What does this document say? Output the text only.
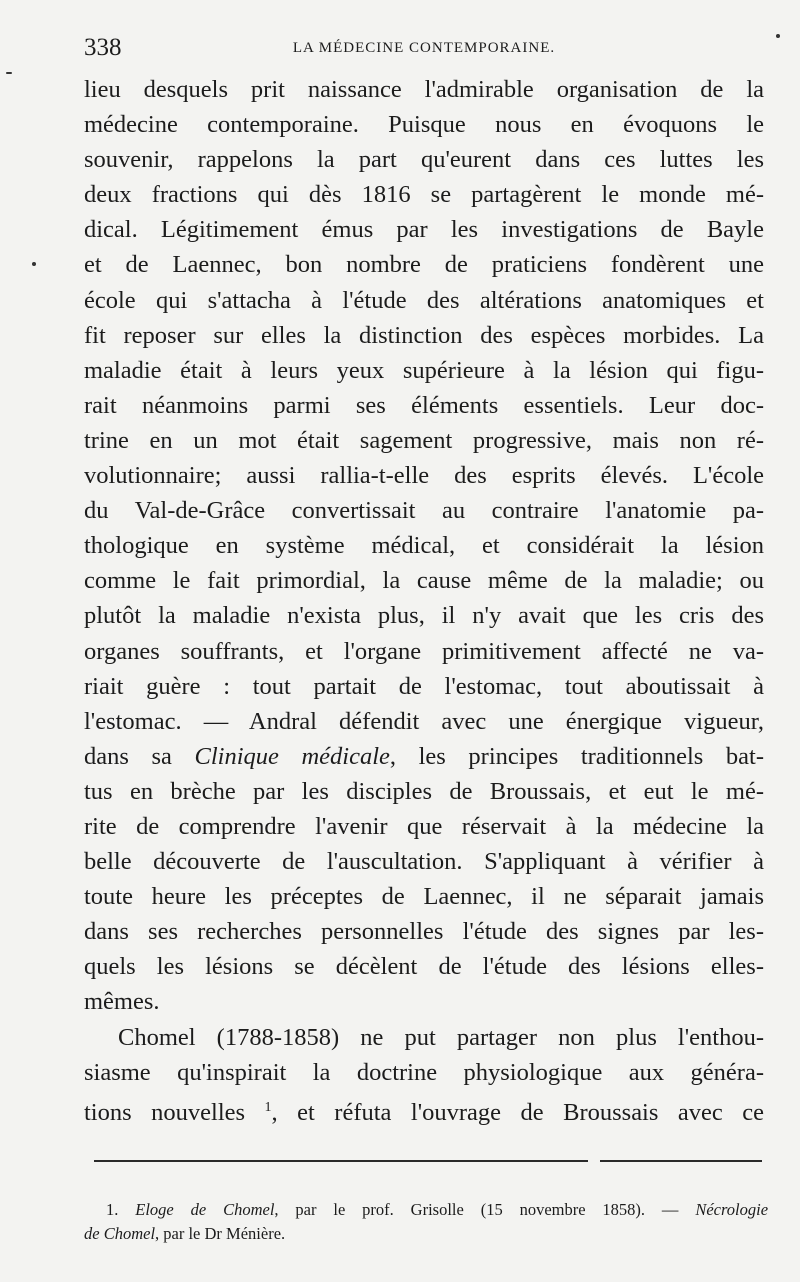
338	LA MÉDECINE CONTEMPORAINE.
lieu desquels prit naissance l'admirable organisation de la
médecine contemporaine. Puisque nous en évoquons le
souvenir, rappelons la part qu'eurent dans ces luttes les
deux fractions qui dès 1816 se partagèrent le monde mé-
dical. Légitimement émus par les investigations de Bayle
et de Laennec, bon nombre de praticiens fondèrent une
école qui s'attacha à l'étude des altérations anatomiques et
fit reposer sur elles la distinction des espèces morbides. La
maladie était à leurs yeux supérieure à la lésion qui figu-
rait néanmoins parmi ses éléments essentiels. Leur doc-
trine en un mot était sagement progressive, mais non ré-
volutionnaire; aussi rallia-t-elle des esprits élevés. L'école
du Val-de-Grâce convertissait au contraire l'anatomie pa-
thologique en système médical, et considérait la lésion
comme le fait primordial, la cause même de la maladie; ou
plutôt la maladie n'exista plus, il n'y avait que les cris des
organes souffrants, et l'organe primitivement affecté ne va-
riait guère : tout partait de l'estomac, tout aboutissait à
l'estomac. — Andral défendit avec une énergique vigueur,
dans sa Clinique médicale, les principes traditionnels bat-
tus en brèche par les disciples de Broussais, et eut le mé-
rite de comprendre l'avenir que réservait à la médecine la
belle découverte de l'auscultation. S'appliquant à vérifier à
toute heure les préceptes de Laennec, il ne séparait jamais
dans ses recherches personnelles l'étude des signes par les-
quels les lésions se décèlent de l'étude des lésions elles-
mêmes.
Chomel (1788-1858) ne put partager non plus l'enthou-
siasme qu'inspirait la doctrine physiologique aux généra-
tions nouvelles $^1$, et réfuta l'ouvrage de Broussais avec ce
1. Eloge de Chomel, par le prof. Grisolle (15 novembre 1858). — Nécrologie
de Chomel, par le Dr Ménière.
